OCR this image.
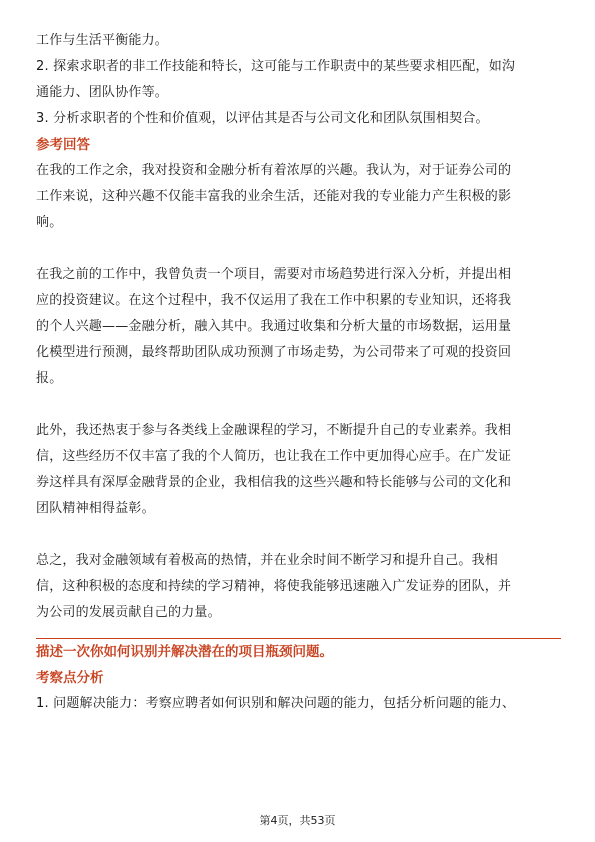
工作与生活平衡能力。

2. 探索求职者的非工作技能和特长，这可能与工作职责中的某些要求相匹配，如沟

通能力、团队协作等。

3. 分析求职者的个性和价值观，以评估其是否与公司文化和团队氛围相契合。

参考回答

在我的工作之余，我对投资和金融分析有着浓厚的兴趣。我认为，对于证券公司的

工作来说，这种兴趣不仅能丰富我的业余生活，还能对我的专业能力产生积极的影

响。

在我之前的工作中，我曾负责一个项目，需要对市场趋势进行深入分析，并提出相

应的投资建议。在这个过程中，我不仅运用了我在工作中积累的专业知识，还将我

的个人兴趣——金融分析，融入其中。我通过收集和分析大量的市场数据，运用量

化模型进行预测，最终帮助团队成功预测了市场走势，为公司带来了可观的投资回

报。

此外，我还热衷于参与各类线上金融课程的学习，不断提升自己的专业素养。我相

信，这些经历不仅丰富了我的个人简历，也让我在工作中更加得心应手。在广发证

券这样具有深厚金融背景的企业，我相信我的这些兴趣和特长能够与公司的文化和

团队精神相得益彰。

总之，我对金融领域有着极高的热情，并在业余时间不断学习和提升自己。我相

信，这种积极的态度和持续的学习精神，将使我能够迅速融入广发证券的团队，并

为公司的发展贡献自己的力量。

描述一次你如何识别并解决潜在的项目瓶颈问题。

考察点分析

1. 问题解决能力：考察应聘者如何识别和解决问题的能力，包括分析问题的能力、

第4页，共53页
